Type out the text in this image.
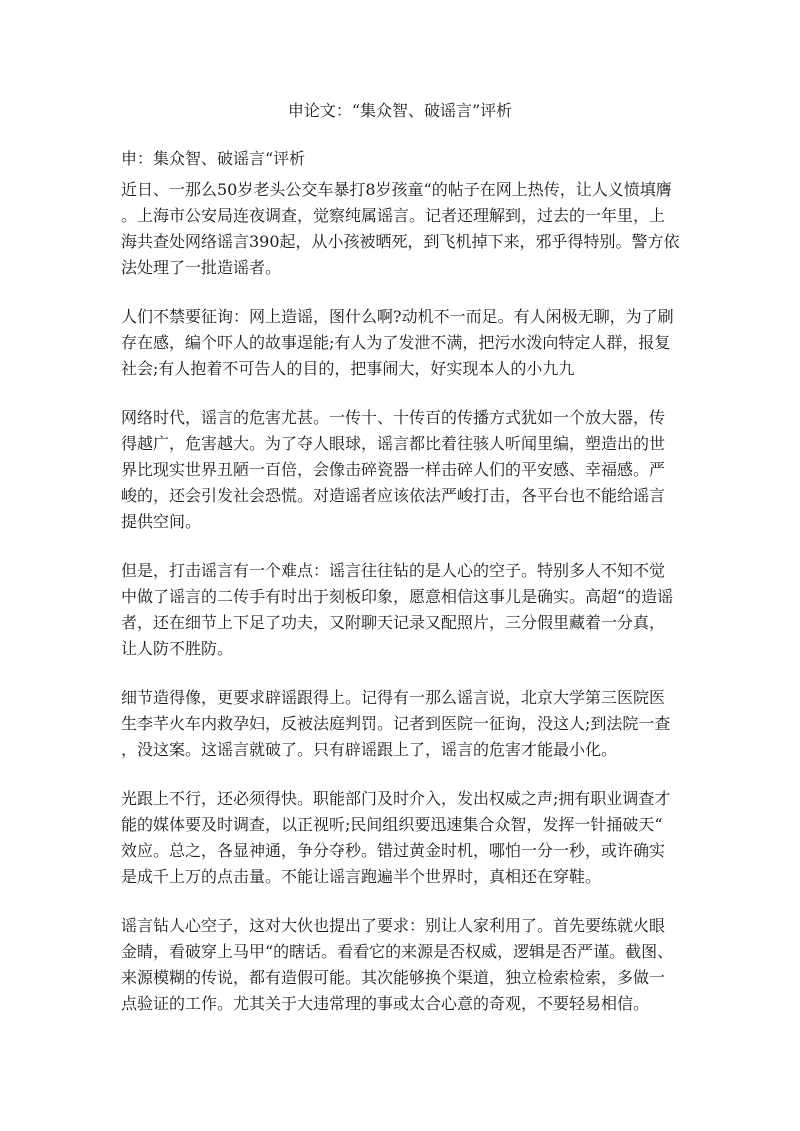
申论文：“集众智、破谣言”评析
申：集众智、破谣言“评析
近日、一那么50岁老头公交车暴打8岁孩童“的帖子在网上热传，让人义愤填膺
。上海市公安局连夜调查，觉察纯属谣言。记者还理解到，过去的一年里，上
海共查处网络谣言390起，从小孩被晒死，到飞机掉下来，邪乎得特别。警方依
法处理了一批造谣者。
人们不禁要征询：网上造谣，图什么啊?动机不一而足。有人闲极无聊，为了刷
存在感，编个吓人的故事逞能;有人为了发泄不满，把污水泼向特定人群，报复
社会;有人抱着不可告人的目的，把事闹大，好实现本人的小九九
网络时代，谣言的危害尤甚。一传十、十传百的传播方式犹如一个放大器，传
得越广，危害越大。为了夺人眼球，谣言都比着往骇人听闻里编，塑造出的世
界比现实世界丑陋一百倍，会像击碎瓷器一样击碎人们的平安感、幸福感。严
峻的，还会引发社会恐慌。对造谣者应该依法严峻打击，各平台也不能给谣言
提供空间。
但是，打击谣言有一个难点：谣言往往钻的是人心的空子。特别多人不知不觉
中做了谣言的二传手有时出于刻板印象，愿意相信这事儿是确实。高超“的造谣
者，还在细节上下足了功夫，又附聊天记录又配照片，三分假里藏着一分真，
让人防不胜防。
细节造得像，更要求辟谣跟得上。记得有一那么谣言说，北京大学第三医院医
生李芊火车内救孕妇，反被法庭判罚。记者到医院一征询，没这人;到法院一查
，没这案。这谣言就破了。只有辟谣跟上了，谣言的危害才能最小化。
光跟上不行，还必须得快。职能部门及时介入，发出权威之声;拥有职业调查才
能的媒体要及时调查，以正视听;民间组织要迅速集合众智，发挥一针捅破天“
效应。总之，各显神通，争分夺秒。错过黄金时机，哪怕一分一秒，或许确实
是成千上万的点击量。不能让谣言跑遍半个世界时，真相还在穿鞋。
谣言钻人心空子，这对大伙也提出了要求：别让人家利用了。首先要练就火眼
金睛，看破穿上马甲“的瞎话。看看它的来源是否权威，逻辑是否严谨。截图、
来源模糊的传说，都有造假可能。其次能够换个渠道，独立检索检索，多做一
点验证的工作。尤其关于大违常理的事或太合心意的奇观，不要轻易相信。
